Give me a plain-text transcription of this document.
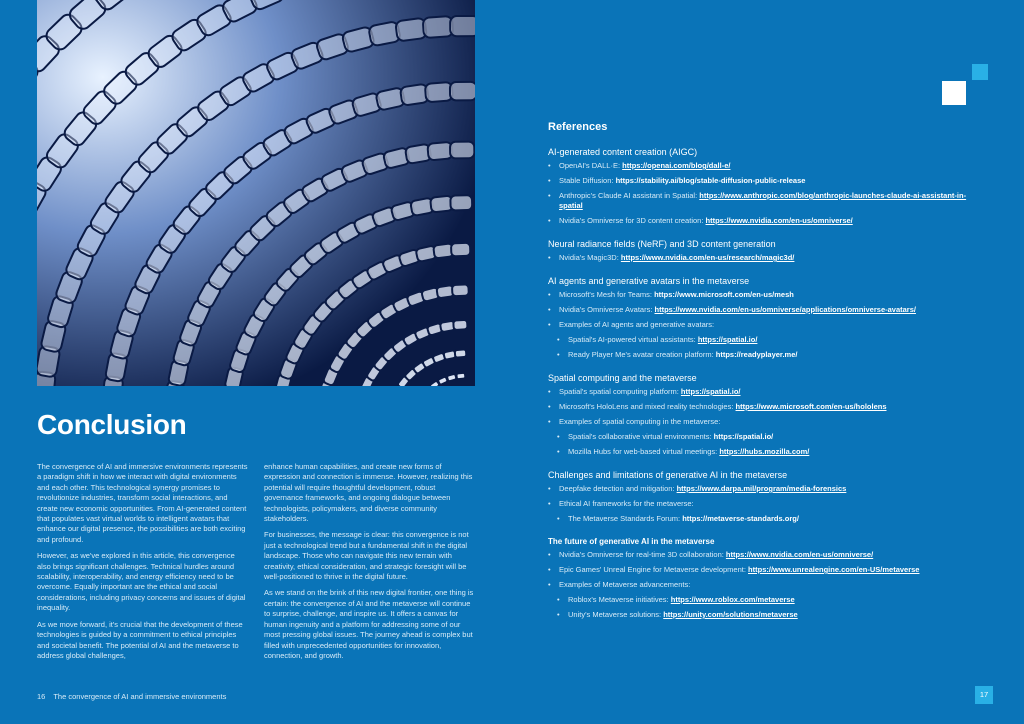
Conclusion

The convergence of AI and immersive environments represents a paradigm shift in how we interact with digital environments and each other. This technological synergy promises to revolutionize industries, transform social interactions, and create new economic opportunities. From AI-generated content that populates vast virtual worlds to intelligent avatars that enhance our digital presence, the possibilities are both exciting and profound.

However, as we've explored in this article, this convergence also brings significant challenges. Technical hurdles around scalability, interoperability, and energy efficiency need to be overcome. Equally important are the ethical and social considerations, including privacy concerns and issues of digital inequality.

As we move forward, it's crucial that the development of these technologies is guided by a commitment to ethical principles and societal benefit. The potential of AI and the metaverse to address global challenges,

enhance human capabilities, and create new forms of expression and connection is immense. However, realizing this potential will require thoughtful development, robust governance frameworks, and ongoing dialogue between technologists, policymakers, and diverse community stakeholders.

For businesses, the message is clear: this convergence is not just a technological trend but a fundamental shift in the digital landscape. Those who can navigate this new terrain with creativity, ethical consideration, and strategic foresight will be well-positioned to thrive in the digital future.

As we stand on the brink of this new digital frontier, one thing is certain: the convergence of AI and the metaverse will continue to surprise, challenge, and inspire us. It offers a canvas for human ingenuity and a platform for addressing some of our most pressing global issues. The journey ahead is complex but filled with unprecedented opportunities for innovation, connection, and growth.

16 The convergence of AI and immersive environments	17
References
AI-generated content creation (AIGC)
• OpenAI's DALL·E: https://openai.com/blog/dall-e/
• Stable Diffusion: https://stability.ai/blog/stable-diffusion-public-release
• Anthropic's Claude AI assistant in Spatial: https://www.anthropic.com/blog/anthropic-launches-claude-ai-assistant-in-spatial
• Nvidia's Omniverse for 3D content creation: https://www.nvidia.com/en-us/omniverse/
Neural radiance fields (NeRF) and 3D content generation
• Nvidia's Magic3D: https://www.nvidia.com/en-us/research/magic3d/
AI agents and generative avatars in the metaverse
• Microsoft's Mesh for Teams: https://www.microsoft.com/en-us/mesh
• Nvidia's Omniverse Avatars: https://www.nvidia.com/en-us/omniverse/applications/omniverse-avatars/
• Examples of AI agents and generative avatars:
• Spatial's AI-powered virtual assistants: https://spatial.io/
• Ready Player Me's avatar creation platform: https://readyplayer.me/
Spatial computing and the metaverse
• Spatial's spatial computing platform: https://spatial.io/
• Microsoft's HoloLens and mixed reality technologies: https://www.microsoft.com/en-us/hololens
• Examples of spatial computing in the metaverse:
• Spatial's collaborative virtual environments: https://spatial.io/
• Mozilla Hubs for web-based virtual meetings: https://hubs.mozilla.com/
Challenges and limitations of generative AI in the metaverse
• Deepfake detection and mitigation: https://www.darpa.mil/program/media-forensics
• Ethical AI frameworks for the metaverse:
• The Metaverse Standards Forum: https://metaverse-standards.org/
The future of generative AI in the metaverse
• Nvidia's Omniverse for real-time 3D collaboration: https://www.nvidia.com/en-us/omniverse/
• Epic Games' Unreal Engine for Metaverse development: https://www.unrealengine.com/en-US/metaverse
• Examples of Metaverse advancements:
• Roblox's Metaverse initiatives: https://www.roblox.com/metaverse
• Unity's Metaverse solutions: https://unity.com/solutions/metaverse
